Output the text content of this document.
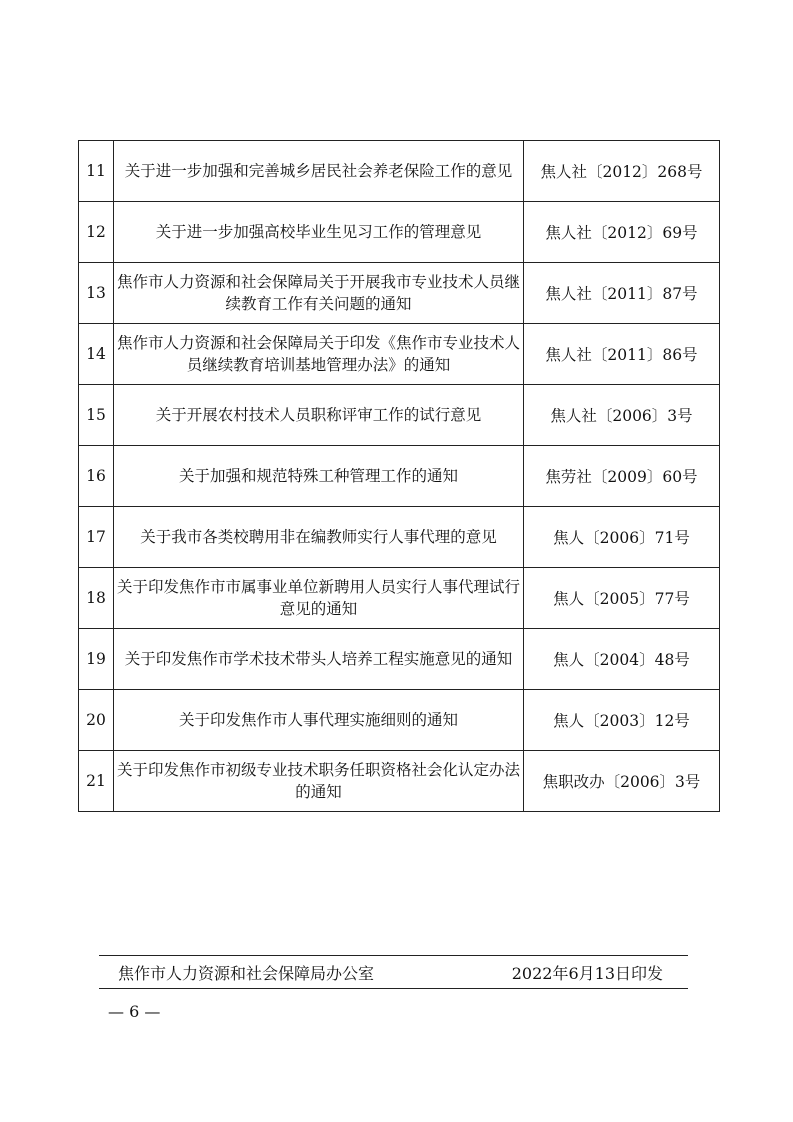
11	关于进一步加强和完善城乡居民社会养老保险工作的意见	焦人社〔2012〕268号
12	关于进一步加强高校毕业生见习工作的管理意见	焦人社〔2012〕69号
13	焦作市人力资源和社会保障局关于开展我市专业技术人员继续教育工作有关问题的通知	焦人社〔2011〕87号
14	焦作市人力资源和社会保障局关于印发《焦作市专业技术人员继续教育培训基地管理办法》的通知	焦人社〔2011〕86号
15	关于开展农村技术人员职称评审工作的试行意见	焦人社〔2006〕3号
16	关于加强和规范特殊工种管理工作的通知	焦劳社〔2009〕60号
17	关于我市各类校聘用非在编教师实行人事代理的意见	焦人〔2006〕71号
18	关于印发焦作市市属事业单位新聘用人员实行人事代理试行意见的通知	焦人〔2005〕77号
19	关于印发焦作市学术技术带头人培养工程实施意见的通知	焦人〔2004〕48号
20	关于印发焦作市人事代理实施细则的通知	焦人〔2003〕12号
21	关于印发焦作市初级专业技术职务任职资格社会化认定办法的通知	焦职改办〔2006〕3号
焦作市人力资源和社会保障局办公室	2022年6月13日印发
— 6 —
